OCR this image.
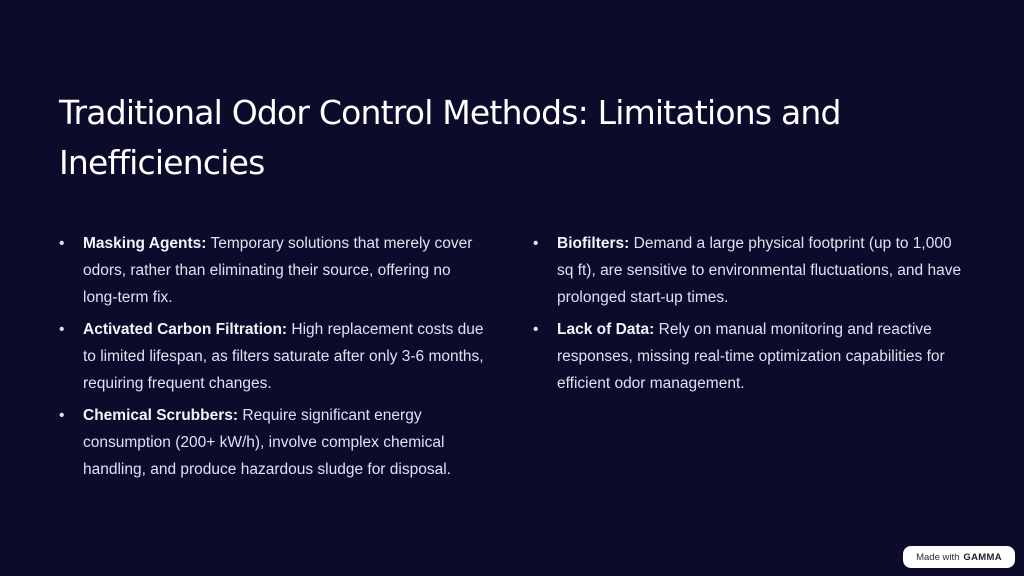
Traditional Odor Control Methods: Limitations and Inefficiencies
• Masking Agents: Temporary solutions that merely cover odors, rather than eliminating their source, offering no long-term fix.
• Activated Carbon Filtration: High replacement costs due to limited lifespan, as filters saturate after only 3-6 months, requiring frequent changes.
• Chemical Scrubbers: Require significant energy consumption (200+ kW/h), involve complex chemical handling, and produce hazardous sludge for disposal.
• Biofilters: Demand a large physical footprint (up to 1,000 sq ft), are sensitive to environmental fluctuations, and have prolonged start-up times.
• Lack of Data: Rely on manual monitoring and reactive responses, missing real-time optimization capabilities for efficient odor management.
Made with GAMMA
